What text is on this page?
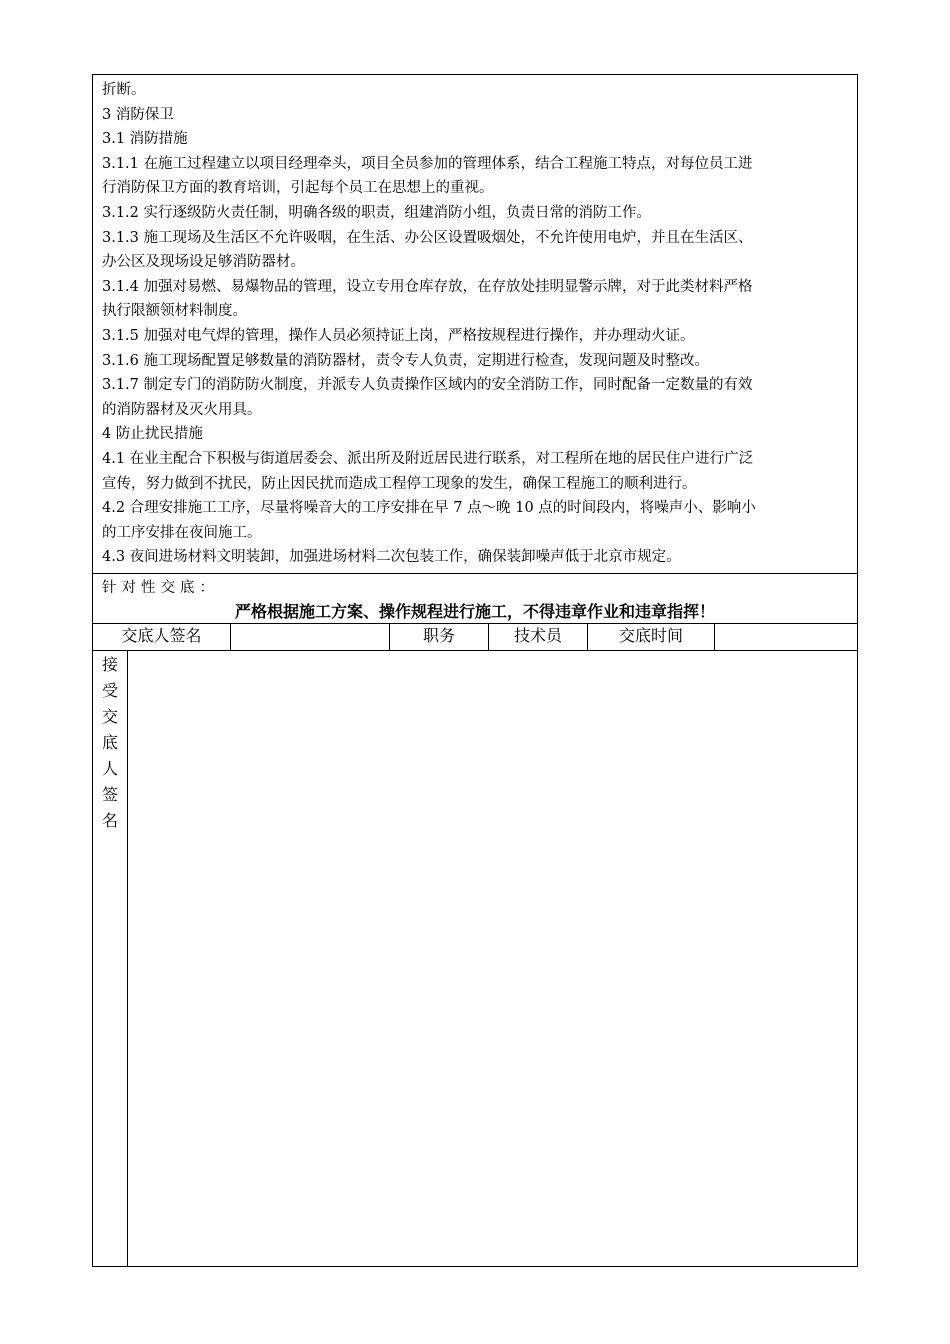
折断。
3 消防保卫
3.1 消防措施
3.1.1 在施工过程建立以项目经理牵头，项目全员参加的管理体系，结合工程施工特点，对每位员工进
行消防保卫方面的教育培训，引起每个员工在思想上的重视。
3.1.2 实行逐级防火责任制，明确各级的职责，组建消防小组，负责日常的消防工作。
3.1.3 施工现场及生活区不允许吸咽，在生活、办公区设置吸烟处，不允许使用电炉，并且在生活区、
办公区及现场设足够消防器材。
3.1.4 加强对易燃、易爆物品的管理，设立专用仓库存放，在存放处挂明显警示牌，对于此类材料严格
执行限额领材料制度。
3.1.5 加强对电气焊的管理，操作人员必须持证上岗，严格按规程进行操作，并办理动火证。
3.1.6 施工现场配置足够数量的消防器材，责令专人负责，定期进行检查，发现问题及时整改。
3.1.7 制定专门的消防防火制度，并派专人负责操作区域内的安全消防工作，同时配备一定数量的有效
的消防器材及灭火用具。
4 防止扰民措施
4.1 在业主配合下积极与街道居委会、派出所及附近居民进行联系，对工程所在地的居民住户进行广泛
宣传，努力做到不扰民，防止因民扰而造成工程停工现象的发生，确保工程施工的顺利进行。
4.2 合理安排施工工序，尽量将噪音大的工序安排在早 7 点～晚 10 点的时间段内，将噪声小、影响小
的工序安排在夜间施工。
4.3 夜间进场材料文明装卸，加强进场材料二次包装工作，确保装卸噪声低于北京市规定。
针对性交底：
严格根据施工方案、操作规程进行施工，不得违章作业和违章指挥！
交底人签名	职务	技术员	交底时间
接
受
交
底
人
签
名
